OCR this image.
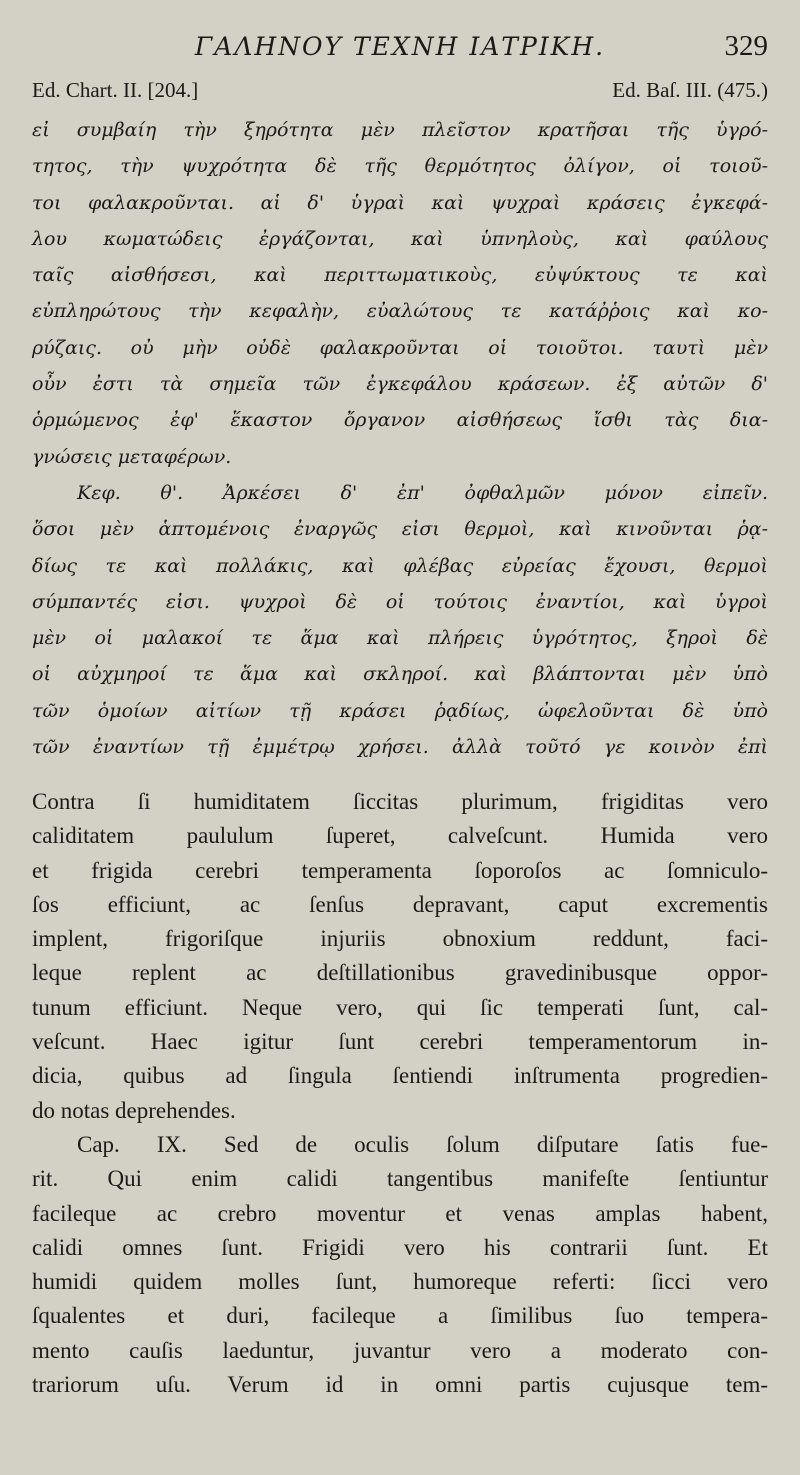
ΓΑΛΗΝΟΥ ΤΕΧΝΗ ΙΑΤΡΙΚΗ.	329
Ed. Chart. II. [204.]	Ed. Baſ. III. (475.)
εἰ συμβαίη τὴν ξηρότητα μὲν πλεῖστον κρατῆσαι τῆς ὑγρό-
τητος, τὴν ψυχρότητα δὲ τῆς θερμότητος ὀλίγον, οἱ τοιοῦ-
τοι φαλακροῦνται. αἱ δ' ὑγραὶ καὶ ψυχραὶ κράσεις ἐγκεφά-
λου κωματώδεις ἐργάζονται, καὶ ὑπνηλοὺς, καὶ φαύλους
ταῖς αἰσθήσεσι, καὶ περιττωματικοὺς, εὐψύκτους τε καὶ
εὐπληρώτους τὴν κεφαλὴν, εὐαλώτους τε κατάῤῥοις καὶ κο-
ρύζαις. οὐ μὴν οὐδὲ φαλακροῦνται οἱ τοιοῦτοι. ταυτὶ μὲν
οὖν ἐστι τὰ σημεῖα τῶν ἐγκεφάλου κράσεων. ἐξ αὐτῶν δ'
ὁρμώμενος ἐφ' ἕκαστον ὄργανον αἰσθήσεως ἴσθι τὰς δια-
γνώσεις μεταφέρων.
Κεφ. θ'. Ἀρκέσει δ' ἐπ' ὀφθαλμῶν μόνον εἰπεῖν.
ὅσοι μὲν ἁπτομένοις ἐναργῶς εἰσι θερμοὶ, καὶ κινοῦνται ῥᾳ-
δίως τε καὶ πολλάκις, καὶ φλέβας εὐρείας ἔχουσι, θερμοὶ
σύμπαντές εἰσι. ψυχροὶ δὲ οἱ τούτοις ἐναντίοι, καὶ ὑγροὶ
μὲν οἱ μαλακοί τε ἅμα καὶ πλήρεις ὑγρότητος, ξηροὶ δὲ
οἱ αὐχμηροί τε ἅμα καὶ σκληροί. καὶ βλάπτονται μὲν ὑπὸ
τῶν ὁμοίων αἰτίων τῇ κράσει ῥᾳδίως, ὠφελοῦνται δὲ ὑπὸ
τῶν ἐναντίων τῇ ἐμμέτρῳ χρήσει. ἀλλὰ τοῦτό γε κοινὸν ἐπὶ
Contra ſi humiditatem ſiccitas plurimum, frigiditas vero
caliditatem paululum ſuperet, calveſcunt. Humida vero
et frigida cerebri temperamenta ſoporoſos ac ſomniculo-
ſos efficiunt, ac ſenſus depravant, caput excrementis
implent, frigoriſque injuriis obnoxium reddunt, faci-
leque replent ac deſtillationibus gravedinibusque oppor-
tunum efficiunt. Neque vero, qui ſic temperati ſunt, cal-
veſcunt. Haec igitur ſunt cerebri temperamentorum in-
dicia, quibus ad ſingula ſentiendi inſtrumenta progredien-
do notas deprehendes.
Cap. IX. Sed de oculis ſolum diſputare ſatis fue-
rit. Qui enim calidi tangentibus manifeſte ſentiuntur
facileque ac crebro moventur et venas amplas habent,
calidi omnes ſunt. Frigidi vero his contrarii ſunt. Et
humidi quidem molles ſunt, humoreque referti: ſicci vero
ſqualentes et duri, facileque a ſimilibus ſuo tempera-
mento cauſis laeduntur, juvantur vero a moderato con-
trariorum uſu. Verum id in omni partis cujusque tem-
